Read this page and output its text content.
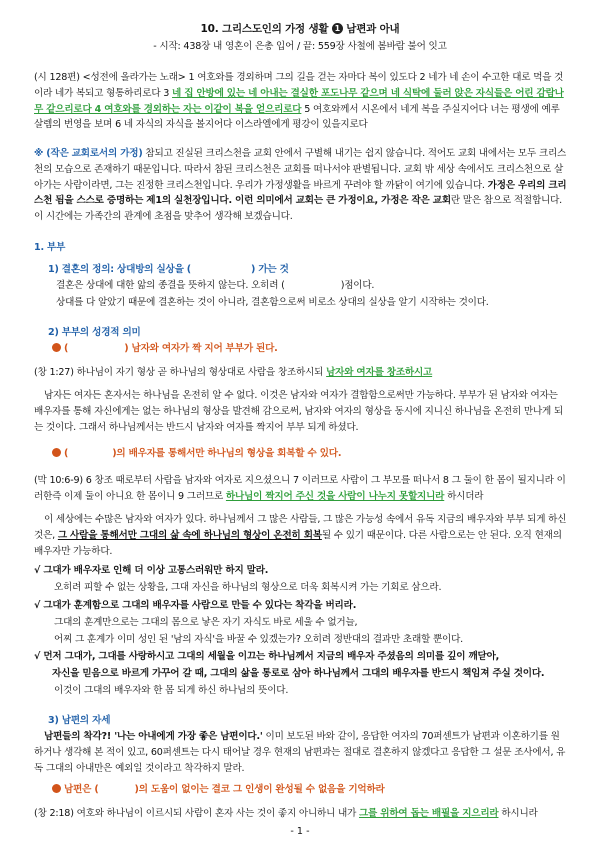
10. 그리스도인의 가정 생활 1 남편과 아내
- 시작: 438장 내 영혼이 은총 입어 / 끝: 559장 사철에 봄바람 불어 잇고
(시 128편) <성전에 올라가는 노래> 1 여호와를 경외하며 그의 길을 걷는 자마다 복이 있도다 2 네가 네 손이 수고한 대로 먹을 것이라 네가 복되고 형통하리로다 3 네 집 안방에 있는 네 아내는 결실한 포도나무 같으며 네 식탁에 둘러 앉은 자식들은 어린 감람나무 같으리로다 4 여호와를 경외하는 자는 이같이 복을 얻으리로다 5 여호와께서 시온에서 네게 복을 주실지어다 너는 평생에 예루살렘의 번영을 보며 6 네 자식의 자식을 볼지어다 이스라엘에게 평강이 있을지로다
※ (작은 교회로서의 가정) 참되고 진실된 크리스천을 교회 안에서 구별해 내기는 쉽지 않습니다. 적어도 교회 내에서는 모두 크리스천의 모습으로 존재하기 때문입니다. 따라서 참된 크리스천은 교회를 떠나서야 판별됩니다. 교회 밖 세상 속에서도 크리스천으로 살아가는 사람이라면, 그는 진정한 크리스천입니다. 우리가 가정생활을 바르게 꾸려야 할 까닭이 여기에 있습니다. 가정은 우리의 크리스천 됨을 스스로 증명하는 제1의 실천장입니다. 이런 의미에서 교회는 큰 가정이요, 가정은 작은 교회란 말은 참으로 적절합니다. 이 시간에는 가족간의 관계에 초점을 맞추어 생각해 보겠습니다.
1. 부부
1) 결혼의 정의: 상대방의 실상을 (	) 가는 것
결혼은 상대에 대한 앎의 종결을 뜻하지 않는다. 오히려 (	)점이다.
상대를 다 알았기 때문에 결혼하는 것이 아니라, 결혼함으로써 비로소 상대의 실상을 알기 시작하는 것이다.
2) 부부의 성경적 의미
(	) 남자와 여자가 짝 지어 부부가 된다.
(창 1:27) 하나님이 자기 형상 곧 하나님의 형상대로 사람을 창조하시되 남자와 여자를 창조하시고
남자든 여자든 혼자서는 하나님을 온전히 알 수 없다. 이것은 남자와 여자가 결합함으로써만 가능하다. 부부가 된 남자와 여자는 배우자를 통해 자신에게는 없는 하나님의 형상을 발견해 감으로써, 남자와 여자의 형상을 동시에 지니신 하나님을 온전히 만나게 되는 것이다. 그래서 하나님께서는 반드시 남자와 여자를 짝지어 부부 되게 하셨다.
(	)의 배우자를 통해서만 하나님의 형상을 회복할 수 있다.
(막 10:6-9) 6 창조 때로부터 사람을 남자와 여자로 지으셨으니 7 이러므로 사람이 그 부모를 떠나서 8 그 둘이 한 몸이 될지니라 이러한즉 이제 둘이 아니요 한 몸이니 9 그러므로 하나님이 짝지어 주신 것을 사람이 나누지 못할지니라 하시더라
이 세상에는 수많은 남자와 여자가 있다. 하나님께서 그 많은 사람들, 그 많은 가능성 속에서 유독 지금의 배우자와 부부 되게 하신 것은, 그 사람을 통해서만 그대의 삶 속에 하나님의 형상이 온전히 회복될 수 있기 때문이다. 다른 사람으로는 안 된다. 오직 현재의 배우자만 가능하다.
√ 그대가 배우자로 인해 더 이상 고통스러워만 하지 말라.
오히려 피할 수 없는 상황을, 그대 자신을 하나님의 형상으로 더욱 회복시켜 가는 기회로 삼으라.
√ 그대가 훈계함으로 그대의 배우자를 사람으로 만들 수 있다는 착각을 버리라.
그대의 훈계만으로는 그대의 몸으로 낳은 자기 자식도 바로 세울 수 없거늘,
어찌 그 훈계가 이미 성인 된 '남의 자식'을 바꿀 수 있겠는가? 오히려 정반대의 결과만 초래할 뿐이다.
√ 먼저 그대가, 그대를 사랑하시고 그대의 세월을 이끄는 하나님께서 지금의 배우자 주셨음의 의미를 깊이 깨닫아,
자신을 믿음으로 바르게 가꾸어 갈 때, 그대의 삶을 통로로 삼아 하나님께서 그대의 배우자를 반드시 책임져 주실 것이다.
이것이 그대의 배우자와 한 몸 되게 하신 하나님의 뜻이다.
3) 남편의 자세
남편들의 착각?! '나는 아내에게 가장 좋은 남편이다.' 이미 보도된 바와 같이, 응답한 여자의 70퍼센트가 남편과 이혼하기를 원하거나 생각해 본 적이 있고, 60퍼센트는 다시 태어날 경우 현재의 남편과는 절대로 결혼하지 않겠다고 응답한 그 설문 조사에서, 유독 그대의 아내만은 예외일 것이라고 착각하지 말라.
남편은 (	)의 도움이 없이는 결코 그 인생이 완성될 수 없음을 기억하라
(창 2:18) 여호와 하나님이 이르시되 사람이 혼자 사는 것이 좋지 아니하니 내가 그를 위하여 돕는 배필을 지으리라 하시니라
- 1 -
